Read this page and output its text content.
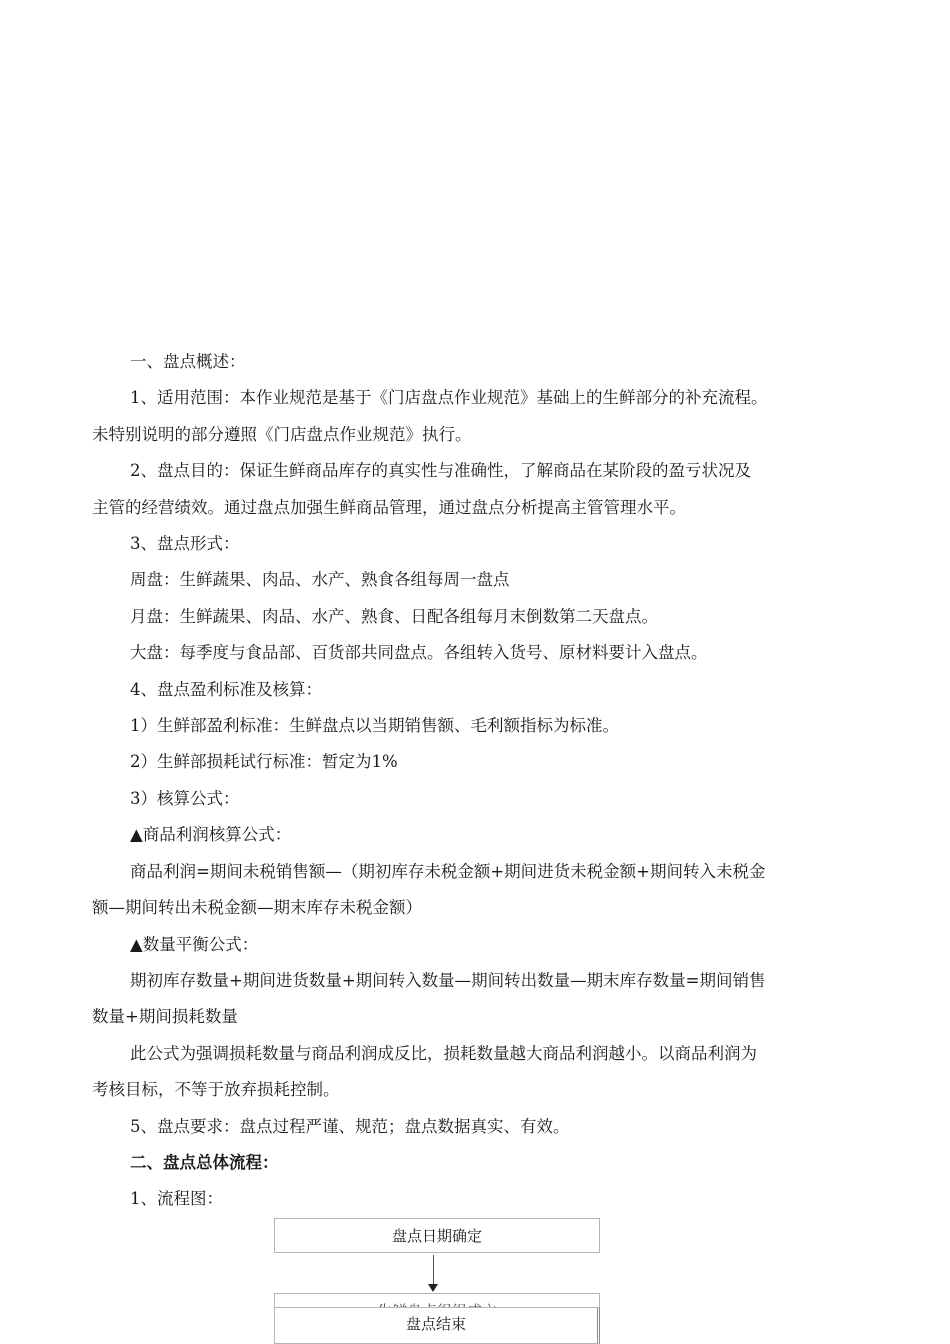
一、盘点概述：

1、适用范围：本作业规范是基于《门店盘点作业规范》基础上的生鲜部分的补充流程。

未特别说明的部分遵照《门店盘点作业规范》执行。

2、盘点目的：保证生鲜商品库存的真实性与准确性，了解商品在某阶段的盈亏状况及

主管的经营绩效。通过盘点加强生鲜商品管理，通过盘点分析提高主管管理水平。

3、盘点形式：

周盘：生鲜蔬果、肉品、水产、熟食各组每周一盘点

月盘：生鲜蔬果、肉品、水产、熟食、日配各组每月末倒数第二天盘点。

大盘：每季度与食品部、百货部共同盘点。各组转入货号、原材料要计入盘点。

4、盘点盈利标准及核算：

1）生鲜部盈利标准：生鲜盘点以当期销售额、毛利额指标为标准。

2）生鲜部损耗试行标准：暂定为1%

3）核算公式：

▲商品利润核算公式：

商品利润=期间未税销售额—（期初库存未税金额+期间进货未税金额+期间转入未税金

额—期间转出未税金额—期末库存未税金额）

▲数量平衡公式：

期初库存数量+期间进货数量+期间转入数量—期间转出数量—期末库存数量=期间销售

数量+期间损耗数量

此公式为强调损耗数量与商品利润成反比，损耗数量越大商品利润越小。以商品利润为

考核目标，不等于放弃损耗控制。

5、盘点要求：盘点过程严谨、规范；盘点数据真实、有效。

二、盘点总体流程：

1、流程图：

盘点日期确定
盘点结束
